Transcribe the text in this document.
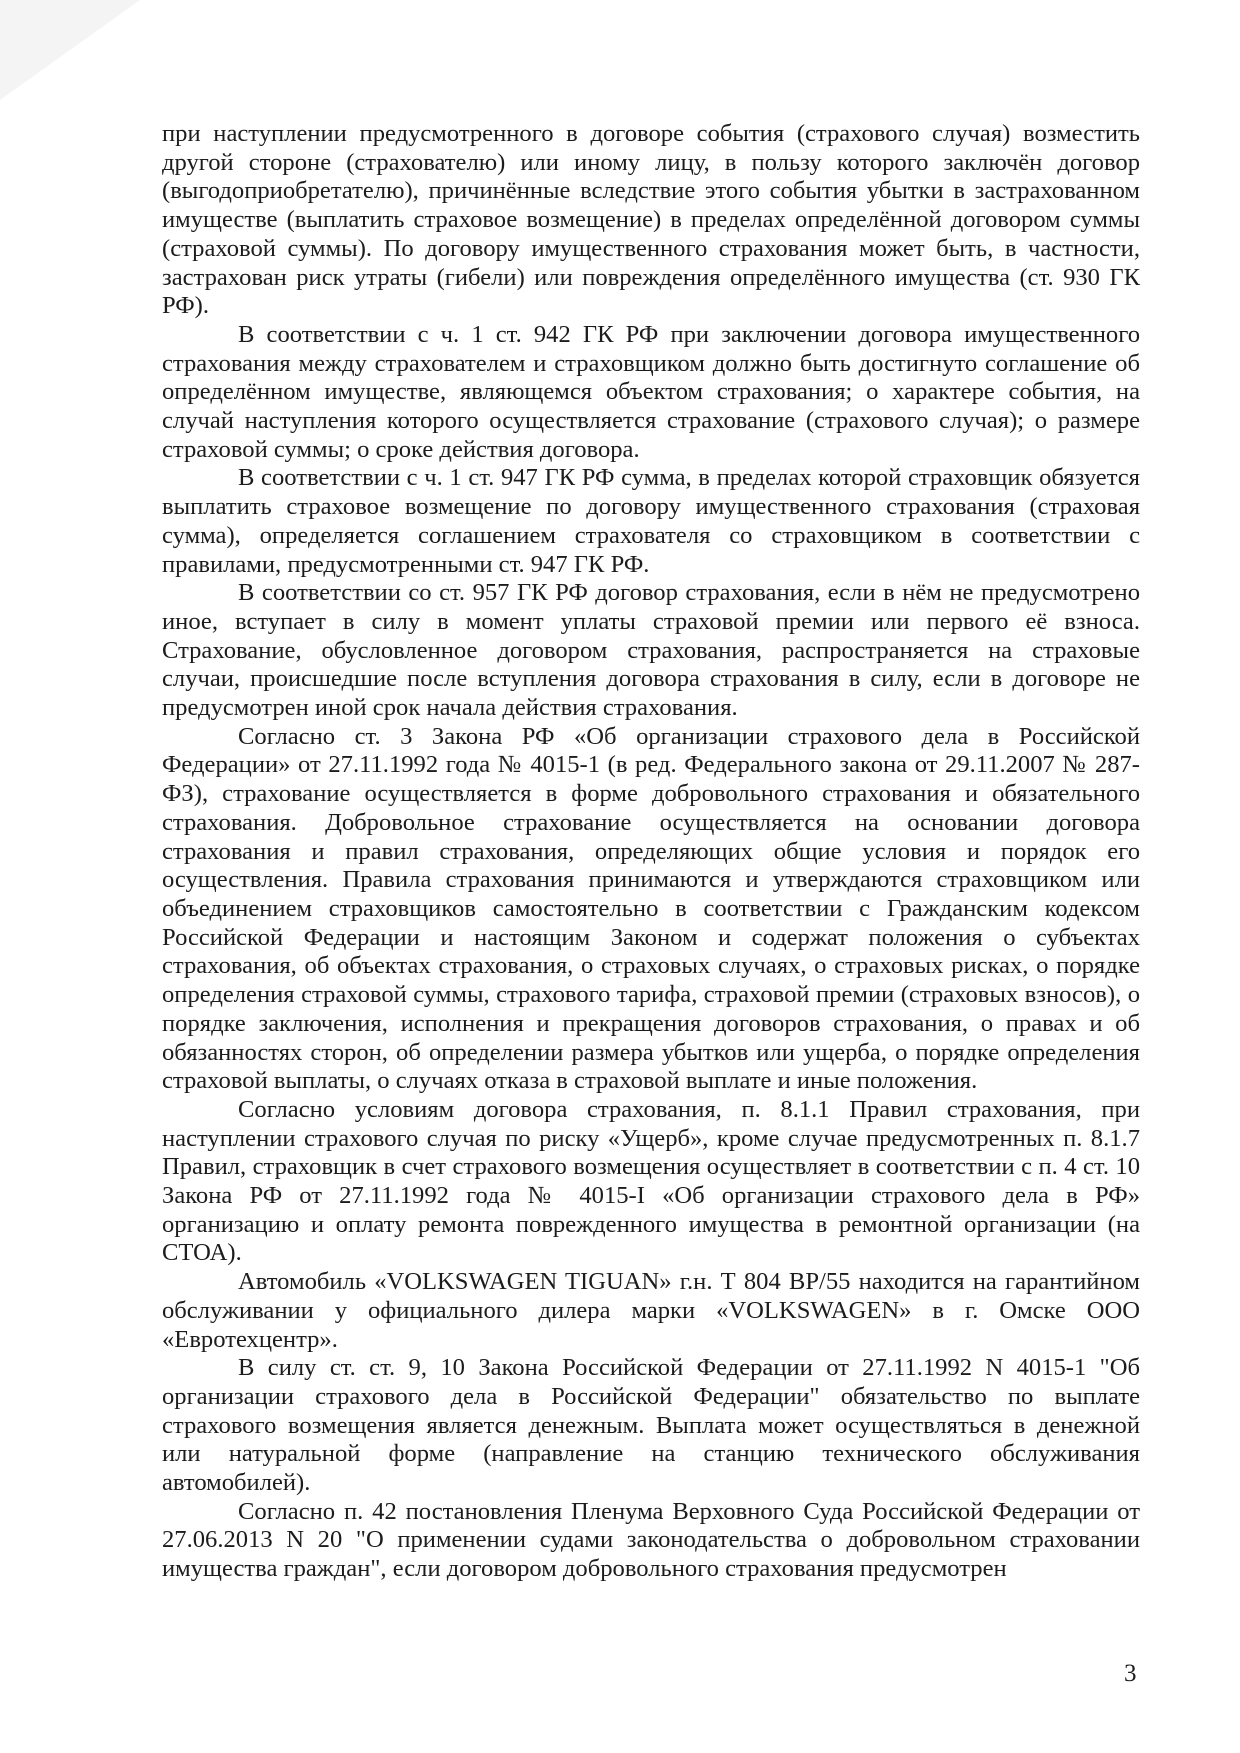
при наступлении предусмотренного в договоре события (страхового случая) возместить другой стороне (страхователю) или иному лицу, в пользу которого заключён договор (выгодоприобретателю), причинённые вследствие этого события убытки в застрахованном имуществе (выплатить страховое возмещение) в пределах определённой договором суммы (страховой суммы). По договору имущественного страхования может быть, в частности, застрахован риск утраты (гибели) или повреждения определённого имущества (ст. 930 ГК РФ).

В соответствии с ч. 1 ст. 942 ГК РФ при заключении договора имущественного страхования между страхователем и страховщиком должно быть достигнуто соглашение об определённом имуществе, являющемся объектом страхования; о характере события, на случай наступления которого осуществляется страхование (страхового случая); о размере страховой суммы; о сроке действия договора.

В соответствии с ч. 1 ст. 947 ГК РФ сумма, в пределах которой страховщик обязуется выплатить страховое возмещение по договору имущественного страхования (страховая сумма), определяется соглашением страхователя со страховщиком в соответствии с правилами, предусмотренными ст. 947 ГК РФ.

В соответствии со ст. 957 ГК РФ договор страхования, если в нём не предусмотрено иное, вступает в силу в момент уплаты страховой премии или первого её взноса. Страхование, обусловленное договором страхования, распространяется на страховые случаи, происшедшие после вступления договора страхования в силу, если в договоре не предусмотрен иной срок начала действия страхования.

Согласно ст. 3 Закона РФ «Об организации страхового дела в Российской Федерации» от 27.11.1992 года № 4015-1 (в ред. Федерального закона от 29.11.2007 № 287-ФЗ), страхование осуществляется в форме добровольного страхования и обязательного страхования. Добровольное страхование осуществляется на основании договора страхования и правил страхования, определяющих общие условия и порядок его осуществления. Правила страхования принимаются и утверждаются страховщиком или объединением страховщиков самостоятельно в соответствии с Гражданским кодексом Российской Федерации и настоящим Законом и содержат положения о субъектах страхования, об объектах страхования, о страховых случаях, о страховых рисках, о порядке определения страховой суммы, страхового тарифа, страховой премии (страховых взносов), о порядке заключения, исполнения и прекращения договоров страхования, о правах и об обязанностях сторон, об определении размера убытков или ущерба, о порядке определения страховой выплаты, о случаях отказа в страховой выплате и иные положения.

Согласно условиям договора страхования, п. 8.1.1 Правил страхования, при наступлении страхового случая по риску «Ущерб», кроме случае предусмотренных п. 8.1.7 Правил, страховщик в счет страхового возмещения осуществляет в соответствии с п. 4 ст. 10 Закона РФ от 27.11.1992 года № 4015-I «Об организации страхового дела в РФ» организацию и оплату ремонта поврежденного имущества в ремонтной организации (на СТОА).

Автомобиль «VOLKSWAGEN TIGUAN» г.н. Т 804 ВР/55 находится на гарантийном обслуживании у официального дилера марки «VOLKSWAGEN» в г. Омске ООО «Евротехцентр».

В силу ст. ст. 9, 10 Закона Российской Федерации от 27.11.1992 N 4015-1 "Об организации страхового дела в Российской Федерации" обязательство по выплате страхового возмещения является денежным. Выплата может осуществляться в денежной или натуральной форме (направление на станцию технического обслуживания автомобилей).

Согласно п. 42 постановления Пленума Верховного Суда Российской Федерации от 27.06.2013 N 20 "О применении судами законодательства о добровольном страховании имущества граждан", если договором добровольного страхования предусмотрен

3
